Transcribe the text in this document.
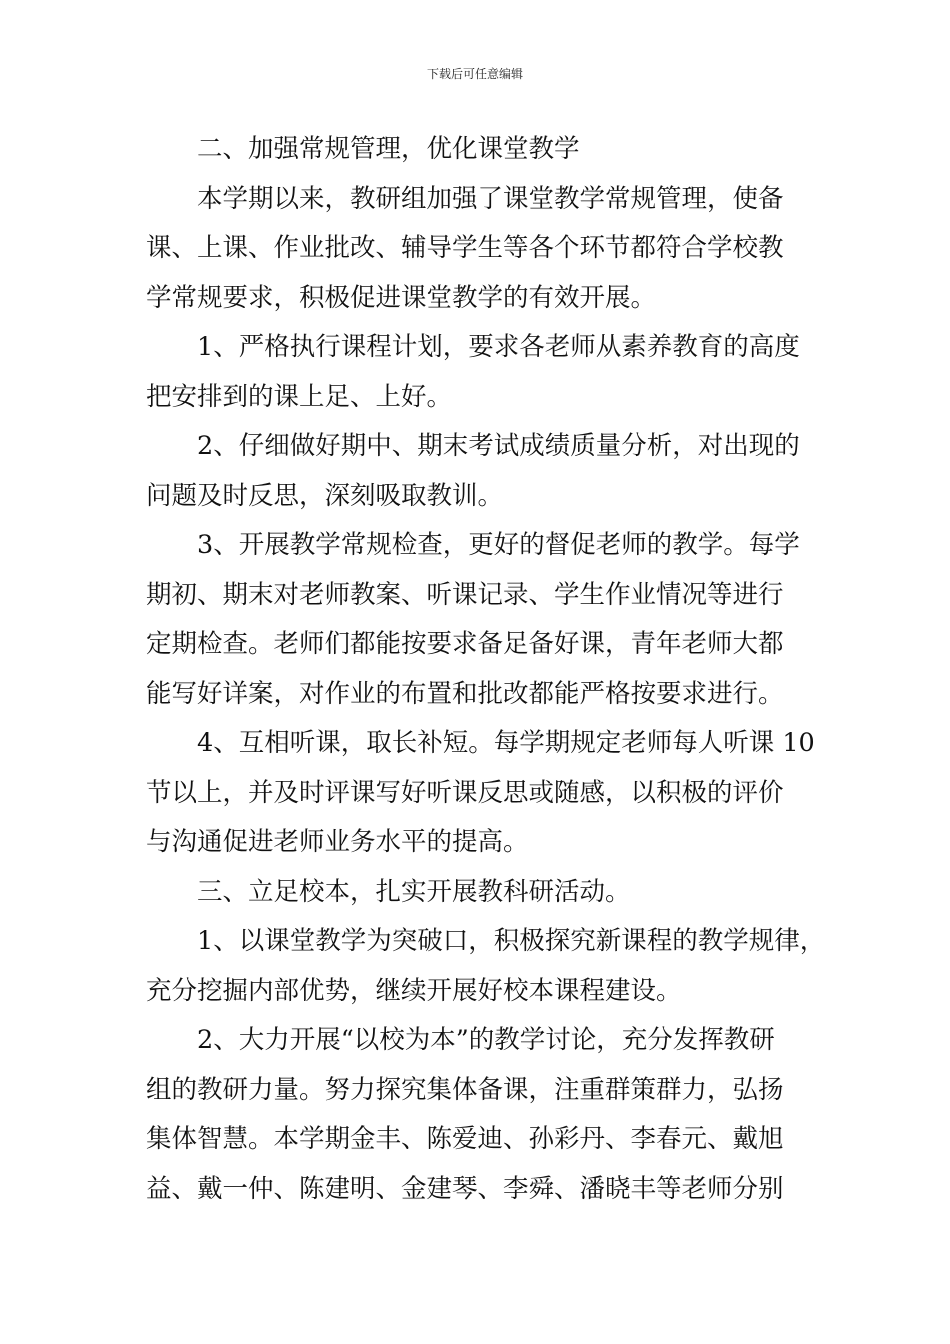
下载后可任意编辑
二、加强常规管理，优化课堂教学
本学期以来，教研组加强了课堂教学常规管理，使备
课、上课、作业批改、辅导学生等各个环节都符合学校教
学常规要求，积极促进课堂教学的有效开展。
1、严格执行课程计划，要求各老师从素养教育的高度
把安排到的课上足、上好。
2、仔细做好期中、期末考试成绩质量分析，对出现的
问题及时反思，深刻吸取教训。
3、开展教学常规检查，更好的督促老师的教学。每学
期初、期末对老师教案、听课记录、学生作业情况等进行
定期检查。老师们都能按要求备足备好课，青年老师大都
能写好详案，对作业的布置和批改都能严格按要求进行。
4、互相听课，取长补短。每学期规定老师每人听课 10
节以上，并及时评课写好听课反思或随感，以积极的评价
与沟通促进老师业务水平的提高。
三、立足校本，扎实开展教科研活动。
1、以课堂教学为突破口，积极探究新课程的教学规律，
充分挖掘内部优势，继续开展好校本课程建设。
2、大力开展“以校为本”的教学讨论，充分发挥教研
组的教研力量。努力探究集体备课，注重群策群力，弘扬
集体智慧。本学期金丰、陈爱迪、孙彩丹、李春元、戴旭
益、戴一仲、陈建明、金建琴、李舜、潘晓丰等老师分别
